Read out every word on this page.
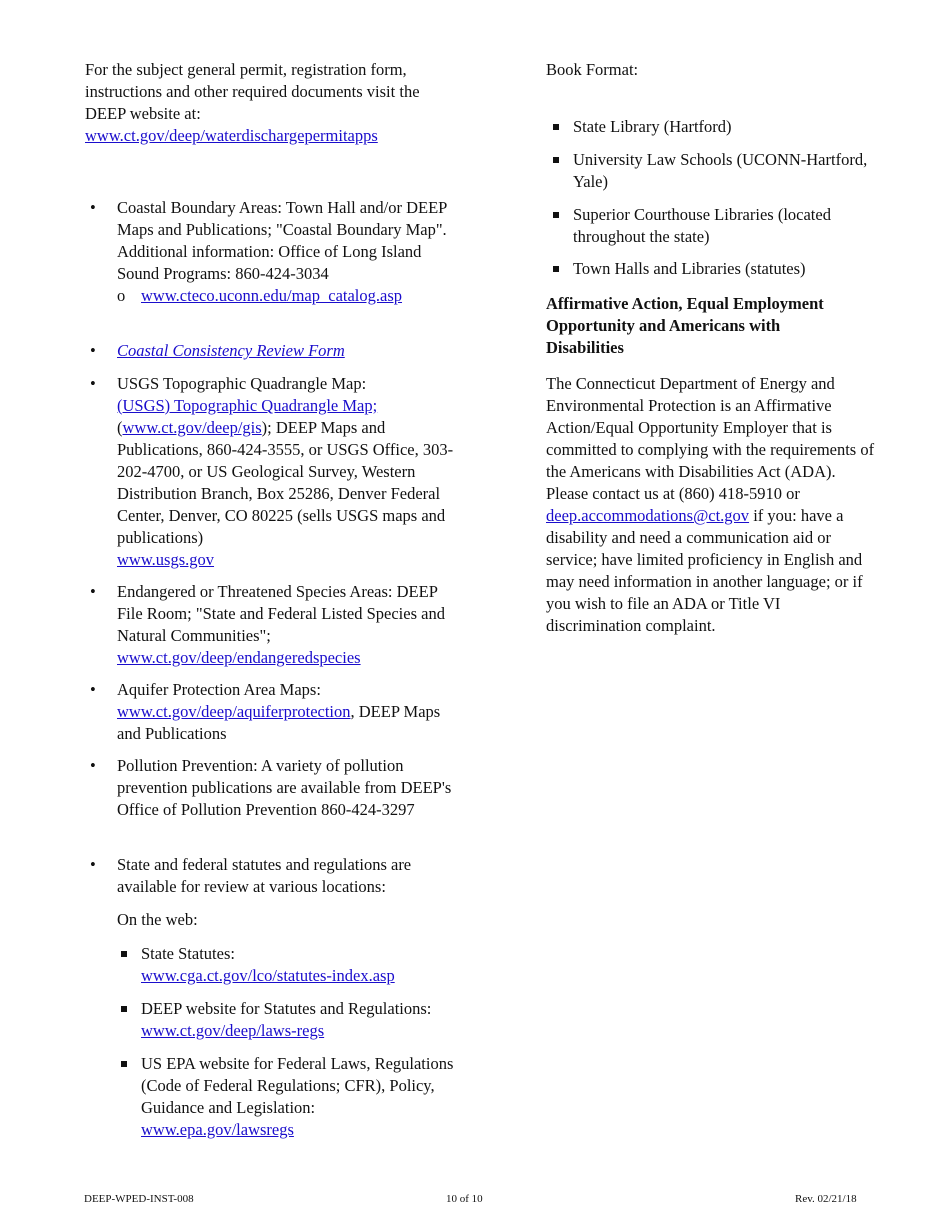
For the subject general permit, registration form, instructions and other required documents visit the DEEP website at:
www.ct.gov/deep/waterdischargepermitapps
• Coastal Boundary Areas: Town Hall and/or DEEP Maps and Publications; "Coastal Boundary Map". Additional information: Office of Long Island Sound Programs: 860-424-3034
o www.cteco.uconn.edu/map_catalog.asp
• Coastal Consistency Review Form
• USGS Topographic Quadrangle Map:
(USGS) Topographic Quadrangle Map;
(www.ct.gov/deep/gis); DEEP Maps and Publications, 860-424-3555, or USGS Office, 303-202-4700, or US Geological Survey, Western Distribution Branch, Box 25286, Denver Federal Center, Denver, CO 80225 (sells USGS maps and publications)
www.usgs.gov
• Endangered or Threatened Species Areas: DEEP File Room; "State and Federal Listed Species and Natural Communities";
www.ct.gov/deep/endangeredspecies
• Aquifer Protection Area Maps:
www.ct.gov/deep/aquiferprotection, DEEP Maps and Publications
• Pollution Prevention: A variety of pollution prevention publications are available from DEEP's Office of Pollution Prevention 860-424-3297
• State and federal statutes and regulations are available for review at various locations:
On the web:
State Statutes:
www.cga.ct.gov/lco/statutes-index.asp
DEEP website for Statutes and Regulations: www.ct.gov/deep/laws-regs
US EPA website for Federal Laws, Regulations (Code of Federal Regulations; CFR), Policy, Guidance and Legislation:
www.epa.gov/lawsregs
Book Format:
State Library (Hartford)
University Law Schools (UCONN-Hartford, Yale)
Superior Courthouse Libraries (located throughout the state)
Town Halls and Libraries (statutes)
Affirmative Action, Equal Employment Opportunity and Americans with Disabilities
The Connecticut Department of Energy and Environmental Protection is an Affirmative Action/Equal Opportunity Employer that is committed to complying with the requirements of the Americans with Disabilities Act (ADA). Please contact us at (860) 418-5910 or
deep.accommodations@ct.gov if you: have a disability and need a communication aid or service; have limited proficiency in English and may need information in another language; or if you wish to file an ADA or Title VI discrimination complaint.
DEEP-WPED-INST-008	10 of 10	Rev. 02/21/18
